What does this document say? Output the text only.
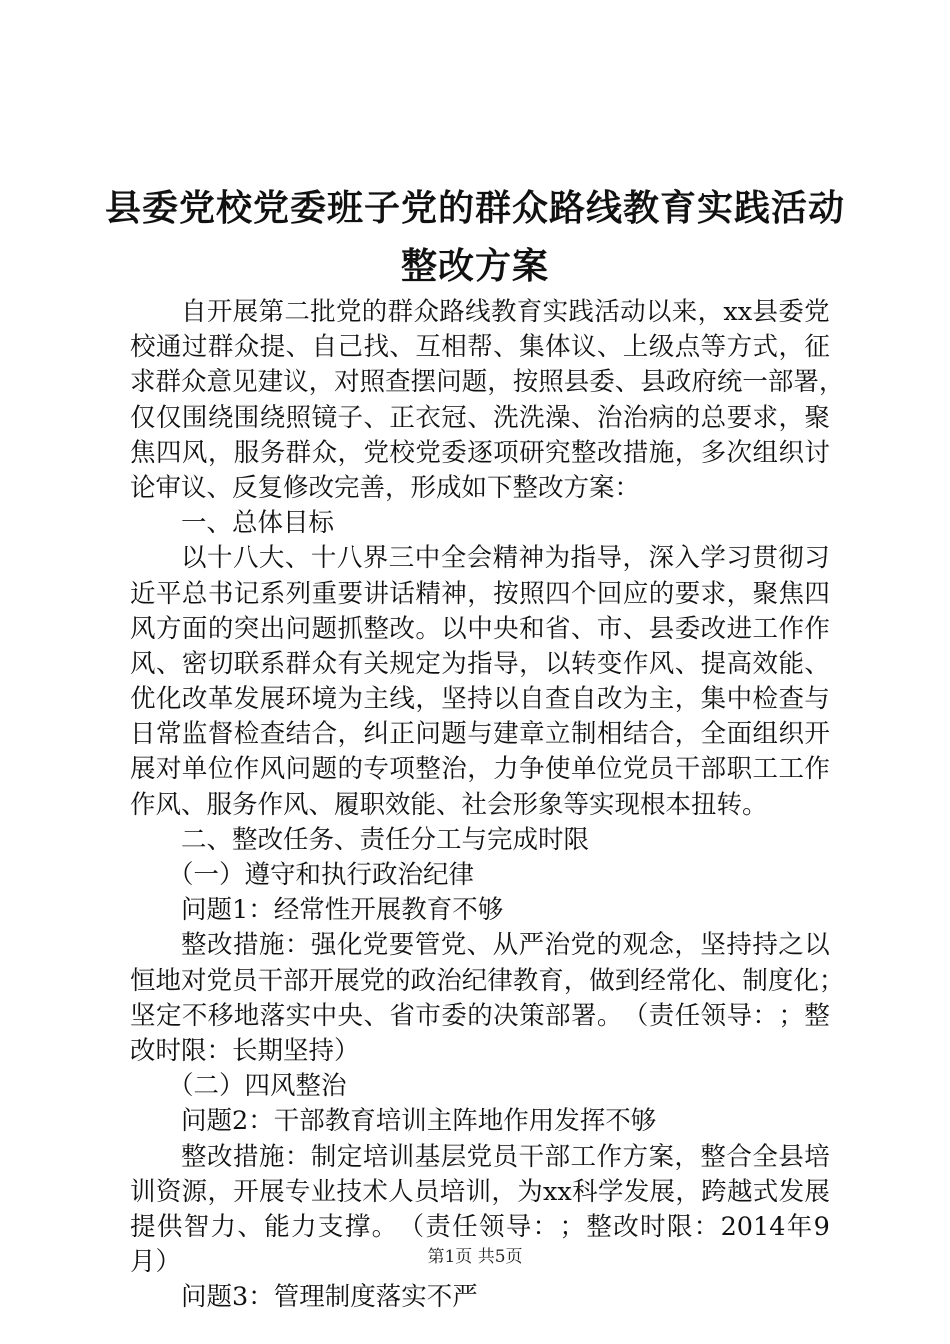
县委党校党委班子党的群众路线教育实践活动
整改方案
自 开 展 第 二 批 党 的 群 众 路 线 教 育 实 践 活 动 以 来 ， xx 县 委 党
校 通 过 群 众 提 、 自 己 找 、 互 相 帮 、 集 体 议 、 上 级 点 等 方 式 ， 征
求 群 众 意 见 建 议 ， 对 照 查 摆 问 题 ， 按 照 县 委 、 县 政 府 统 一 部 署 ，
仅 仅 围 绕 围 绕 照 镜 子 、 正 衣 冠 、 洗 洗 澡 、 治 治 病 的 总 要 求 ， 聚
焦 四 风 ， 服 务 群 众 ， 党 校 党 委 逐 项 研 究 整 改 措 施 ， 多 次 组 织 讨
论审议、反复修改完善，形成如下整改方案：
一、总体目标
以 十 八 大 、 十 八 界 三 中 全 会 精 神 为 指 导 ， 深 入 学 习 贯 彻 习
近 平 总 书 记 系 列 重 要 讲 话 精 神 ， 按 照 四 个 回 应 的 要 求 ， 聚 焦 四
风 方 面 的 突 出 问 题 抓 整 改 。 以 中 央 和 省 、 市 、 县 委 改 进 工 作 作
风 、 密 切 联 系 群 众 有 关 规 定 为 指 导 ， 以 转 变 作 风 、 提 高 效 能 、
优 化 改 革 发 展 环 境 为 主 线 ， 坚 持 以 自 查 自 改 为 主 ， 集 中 检 查 与
日 常 监 督 检 查 结 合 ， 纠 正 问 题 与 建 章 立 制 相 结 合 ， 全 面 组 织 开
展 对 单 位 作 风 问 题 的 专 项 整 治 ， 力 争 使 单 位 党 员 干 部 职 工 工 作
作风、服务作风、履职效能、社会形象等实现根本扭转。
二、整改任务、责任分工与完成时限
（一）遵守和执行政治纪律
问题1：经常性开展教育不够
整 改 措 施 ： 强 化 党 要 管 党 、 从 严 治 党 的 观 念 ， 坚 持 持 之 以
恒 地 对 党 员 干 部 开 展 党 的 政 治 纪 律 教 育 ， 做 到 经 常 化 、 制 度 化 ；
坚 定 不 移 地 落 实 中 央 、 省 市 委 的 决 策 部 署 。 （ 责 任 领 导 ： ； 整
改时限：长期坚持）
（二）四风整治
问题2：干部教育培训主阵地作用发挥不够
整 改 措 施 ： 制 定 培 训 基 层 党 员 干 部 工 作 方 案 ， 整 合 全 县 培
训 资 源 ， 开 展 专 业 技 术 人 员 培 训 ， 为 xx 科 学 发 展 ， 跨 越 式 发 展
提 供 智 力 、 能 力 支 撑 。 （ 责 任 领 导 ： ； 整 改 时 限 ： 2014 年 9
月）
问题3：管理制度落实不严
第1页 共5页
